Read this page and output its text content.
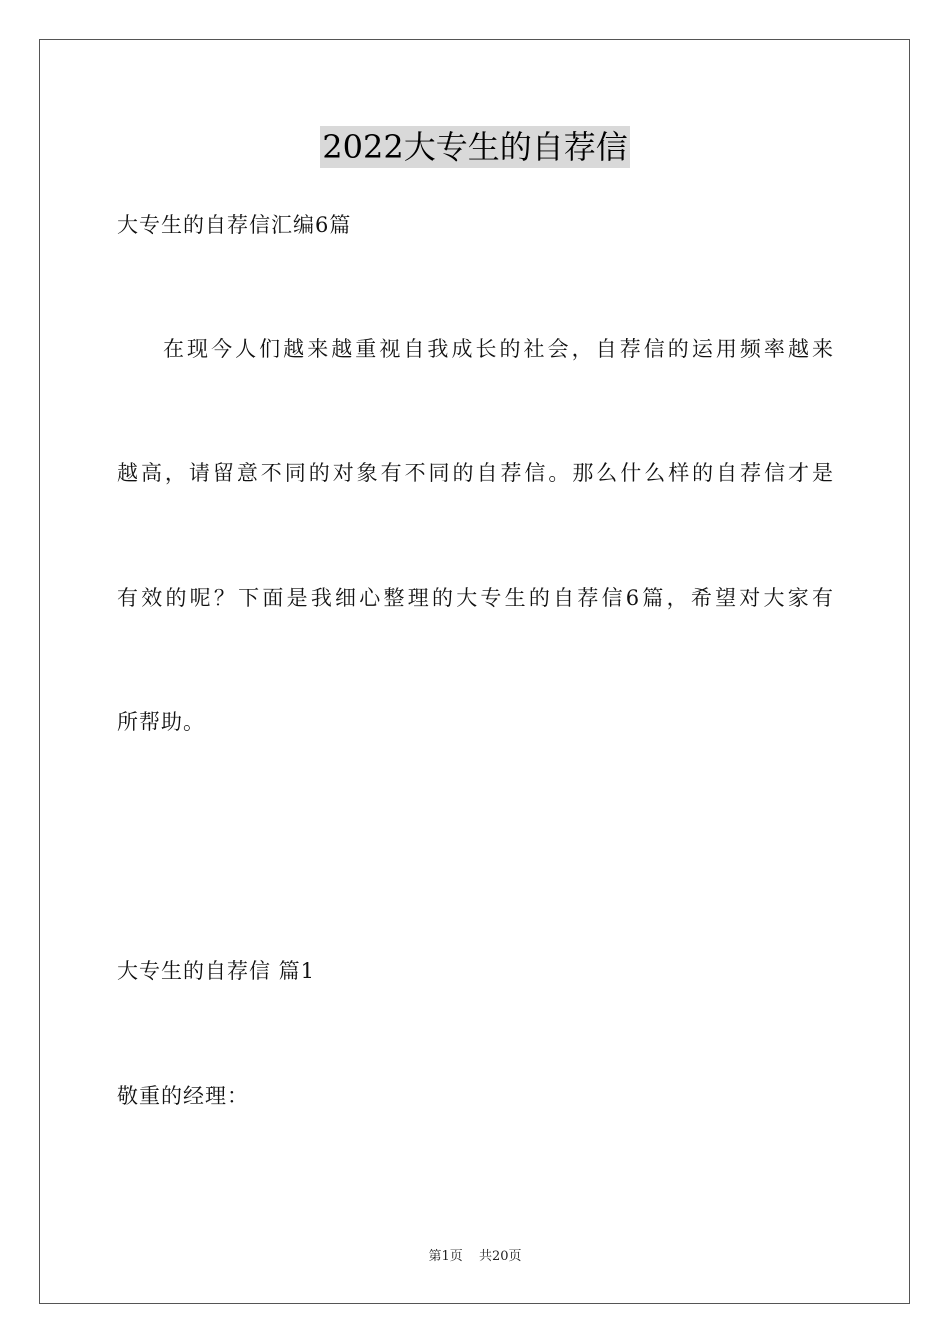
2022大专生的自荐信
大专生的自荐信汇编6篇
在现今人们越来越重视自我成长的社会，自荐信的运用频率越来
越高，请留意不同的对象有不同的自荐信。那么什么样的自荐信才是
有效的呢？下面是我细心整理的大专生的自荐信6篇，希望对大家有
所帮助。
大专生的自荐信 篇1
敬重的经理：
第1页 共20页
